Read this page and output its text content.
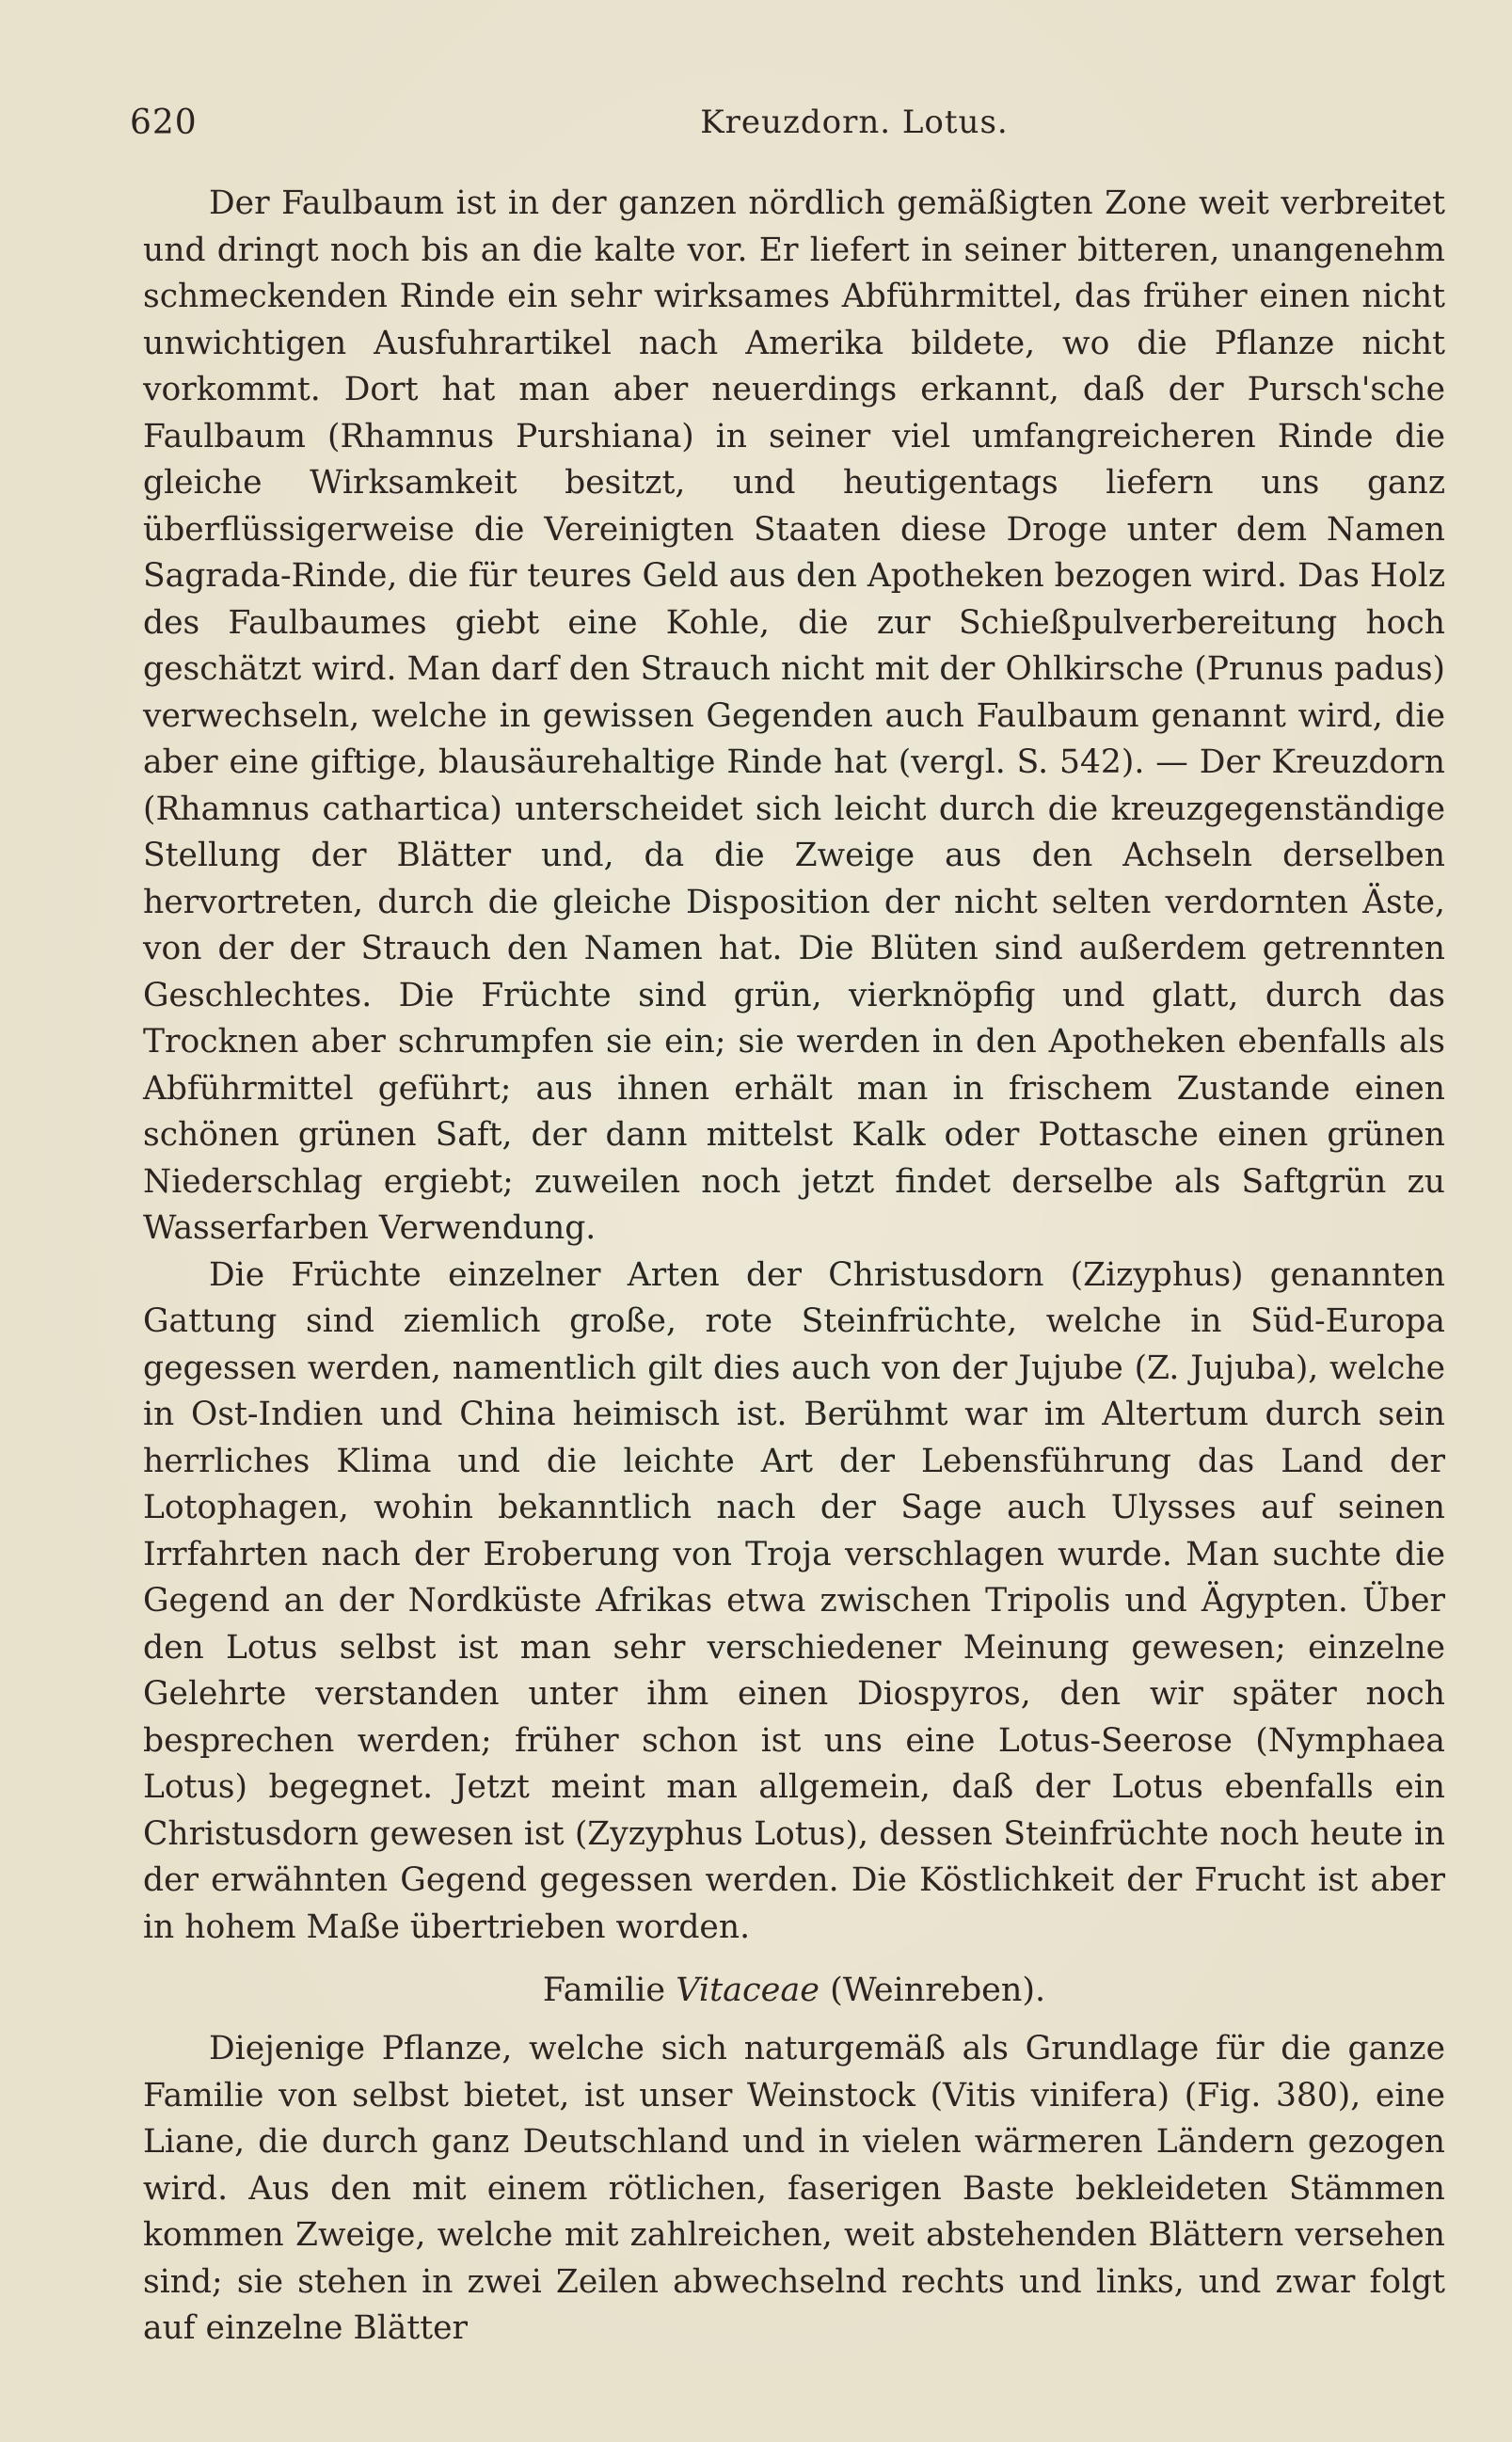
620	Kreuzdorn. Lotus.

Der Faulbaum ist in der ganzen nördlich gemäßigten Zone weit verbreitet und dringt noch bis an die kalte vor. Er liefert in seiner bitteren, unangenehm schmeckenden Rinde ein sehr wirksames Abführmittel, das früher einen nicht unwichtigen Ausfuhrartikel nach Amerika bildete, wo die Pflanze nicht vorkommt. Dort hat man aber neuerdings erkannt, daß der Pursch'sche Faulbaum (Rhamnus Purshiana) in seiner viel umfangreicheren Rinde die gleiche Wirksamkeit besitzt, und heutigentags liefern uns ganz überflüssigerweise die Vereinigten Staaten diese Droge unter dem Namen Sagrada-Rinde, die für teures Geld aus den Apotheken bezogen wird. Das Holz des Faulbaumes giebt eine Kohle, die zur Schießpulverbereitung hoch geschätzt wird. Man darf den Strauch nicht mit der Ohlkirsche (Prunus padus) verwechseln, welche in gewissen Gegenden auch Faulbaum genannt wird, die aber eine giftige, blausäurehaltige Rinde hat (vergl. S. 542). — Der Kreuzdorn (Rhamnus cathartica) unterscheidet sich leicht durch die kreuzgegenständige Stellung der Blätter und, da die Zweige aus den Achseln derselben hervortreten, durch die gleiche Disposition der nicht selten verdornten Äste, von der der Strauch den Namen hat. Die Blüten sind außerdem getrennten Geschlechtes. Die Früchte sind grün, vierknöpfig und glatt, durch das Trocknen aber schrumpfen sie ein; sie werden in den Apotheken ebenfalls als Abführmittel geführt; aus ihnen erhält man in frischem Zustande einen schönen grünen Saft, der dann mittelst Kalk oder Pottasche einen grünen Niederschlag ergiebt; zuweilen noch jetzt findet derselbe als Saftgrün zu Wasserfarben Verwendung.

Die Früchte einzelner Arten der Christusdorn (Zizyphus) genannten Gattung sind ziemlich große, rote Steinfrüchte, welche in Süd-Europa gegessen werden, namentlich gilt dies auch von der Jujube (Z. Jujuba), welche in Ost-Indien und China heimisch ist. Berühmt war im Altertum durch sein herrliches Klima und die leichte Art der Lebensführung das Land der Lotophagen, wohin bekanntlich nach der Sage auch Ulysses auf seinen Irrfahrten nach der Eroberung von Troja verschlagen wurde. Man suchte die Gegend an der Nordküste Afrikas etwa zwischen Tripolis und Ägypten. Über den Lotus selbst ist man sehr verschiedener Meinung gewesen; einzelne Gelehrte verstanden unter ihm einen Diospyros, den wir später noch besprechen werden; früher schon ist uns eine Lotus-Seerose (Nymphaea Lotus) begegnet. Jetzt meint man allgemein, daß der Lotus ebenfalls ein Christusdorn gewesen ist (Zyzyphus Lotus), dessen Steinfrüchte noch heute in der erwähnten Gegend gegessen werden. Die Köstlichkeit der Frucht ist aber in hohem Maße übertrieben worden.

Familie Vitaceae (Weinreben).

Diejenige Pflanze, welche sich naturgemäß als Grundlage für die ganze Familie von selbst bietet, ist unser Weinstock (Vitis vinifera) (Fig. 380), eine Liane, die durch ganz Deutschland und in vielen wärmeren Ländern gezogen wird. Aus den mit einem rötlichen, faserigen Baste bekleideten Stämmen kommen Zweige, welche mit zahlreichen, weit abstehenden Blättern versehen sind; sie stehen in zwei Zeilen abwechselnd rechts und links, und zwar folgt auf einzelne Blätter
